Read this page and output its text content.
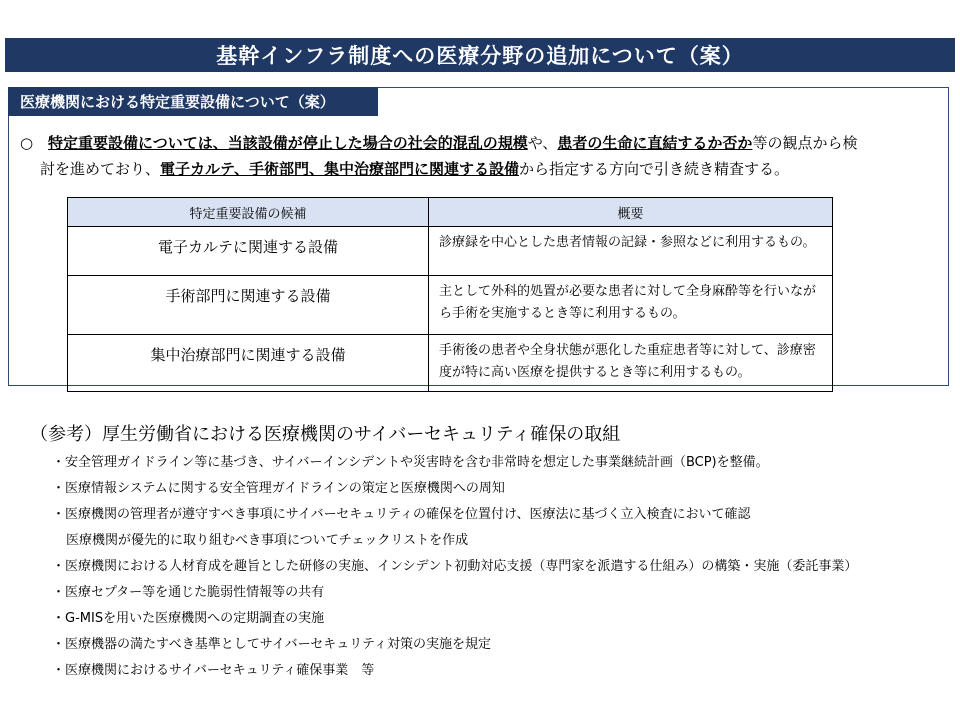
基幹インフラ制度への医療分野の追加について（案）
医療機関における特定重要設備について（案）
○ 特定重要設備については、当該設備が停止した場合の社会的混乱の規模や、患者の生命に直結するか否か等の観点から検
討を進めており、電子カルテ、手術部門、集中治療部門に関連する設備から指定する方向で引き続き精査する。
特定重要設備の候補	概要
電子カルテに関連する設備	診療録を中心とした患者情報の記録・参照などに利用するもの。
手術部門に関連する設備	主として外科的処置が必要な患者に対して全身麻酔等を行いながら手術を実施するとき等に利用するもの。
集中治療部門に関連する設備	手術後の患者や全身状態が悪化した重症患者等に対して、診療密度が特に高い医療を提供するとき等に利用するもの。
（参考）厚生労働省における医療機関のサイバーセキュリティ確保の取組
・安全管理ガイドライン等に基づき、サイバーインシデントや災害時を含む非常時を想定した事業継続計画（BCP)を整備。
・医療情報システムに関する安全管理ガイドラインの策定と医療機関への周知
・医療機関の管理者が遵守すべき事項にサイバーセキュリティの確保を位置付け、医療法に基づく立入検査において確認
医療機関が優先的に取り組むべき事項についてチェックリストを作成
・医療機関における人材育成を趣旨とした研修の実施、インシデント初動対応支援（専門家を派遣する仕組み）の構築・実施（委託事業）
・医療セプター等を通じた脆弱性情報等の共有
・G-MISを用いた医療機関への定期調査の実施
・医療機器の満たすべき基準としてサイバーセキュリティ対策の実施を規定
・医療機関におけるサイバーセキュリティ確保事業　等
